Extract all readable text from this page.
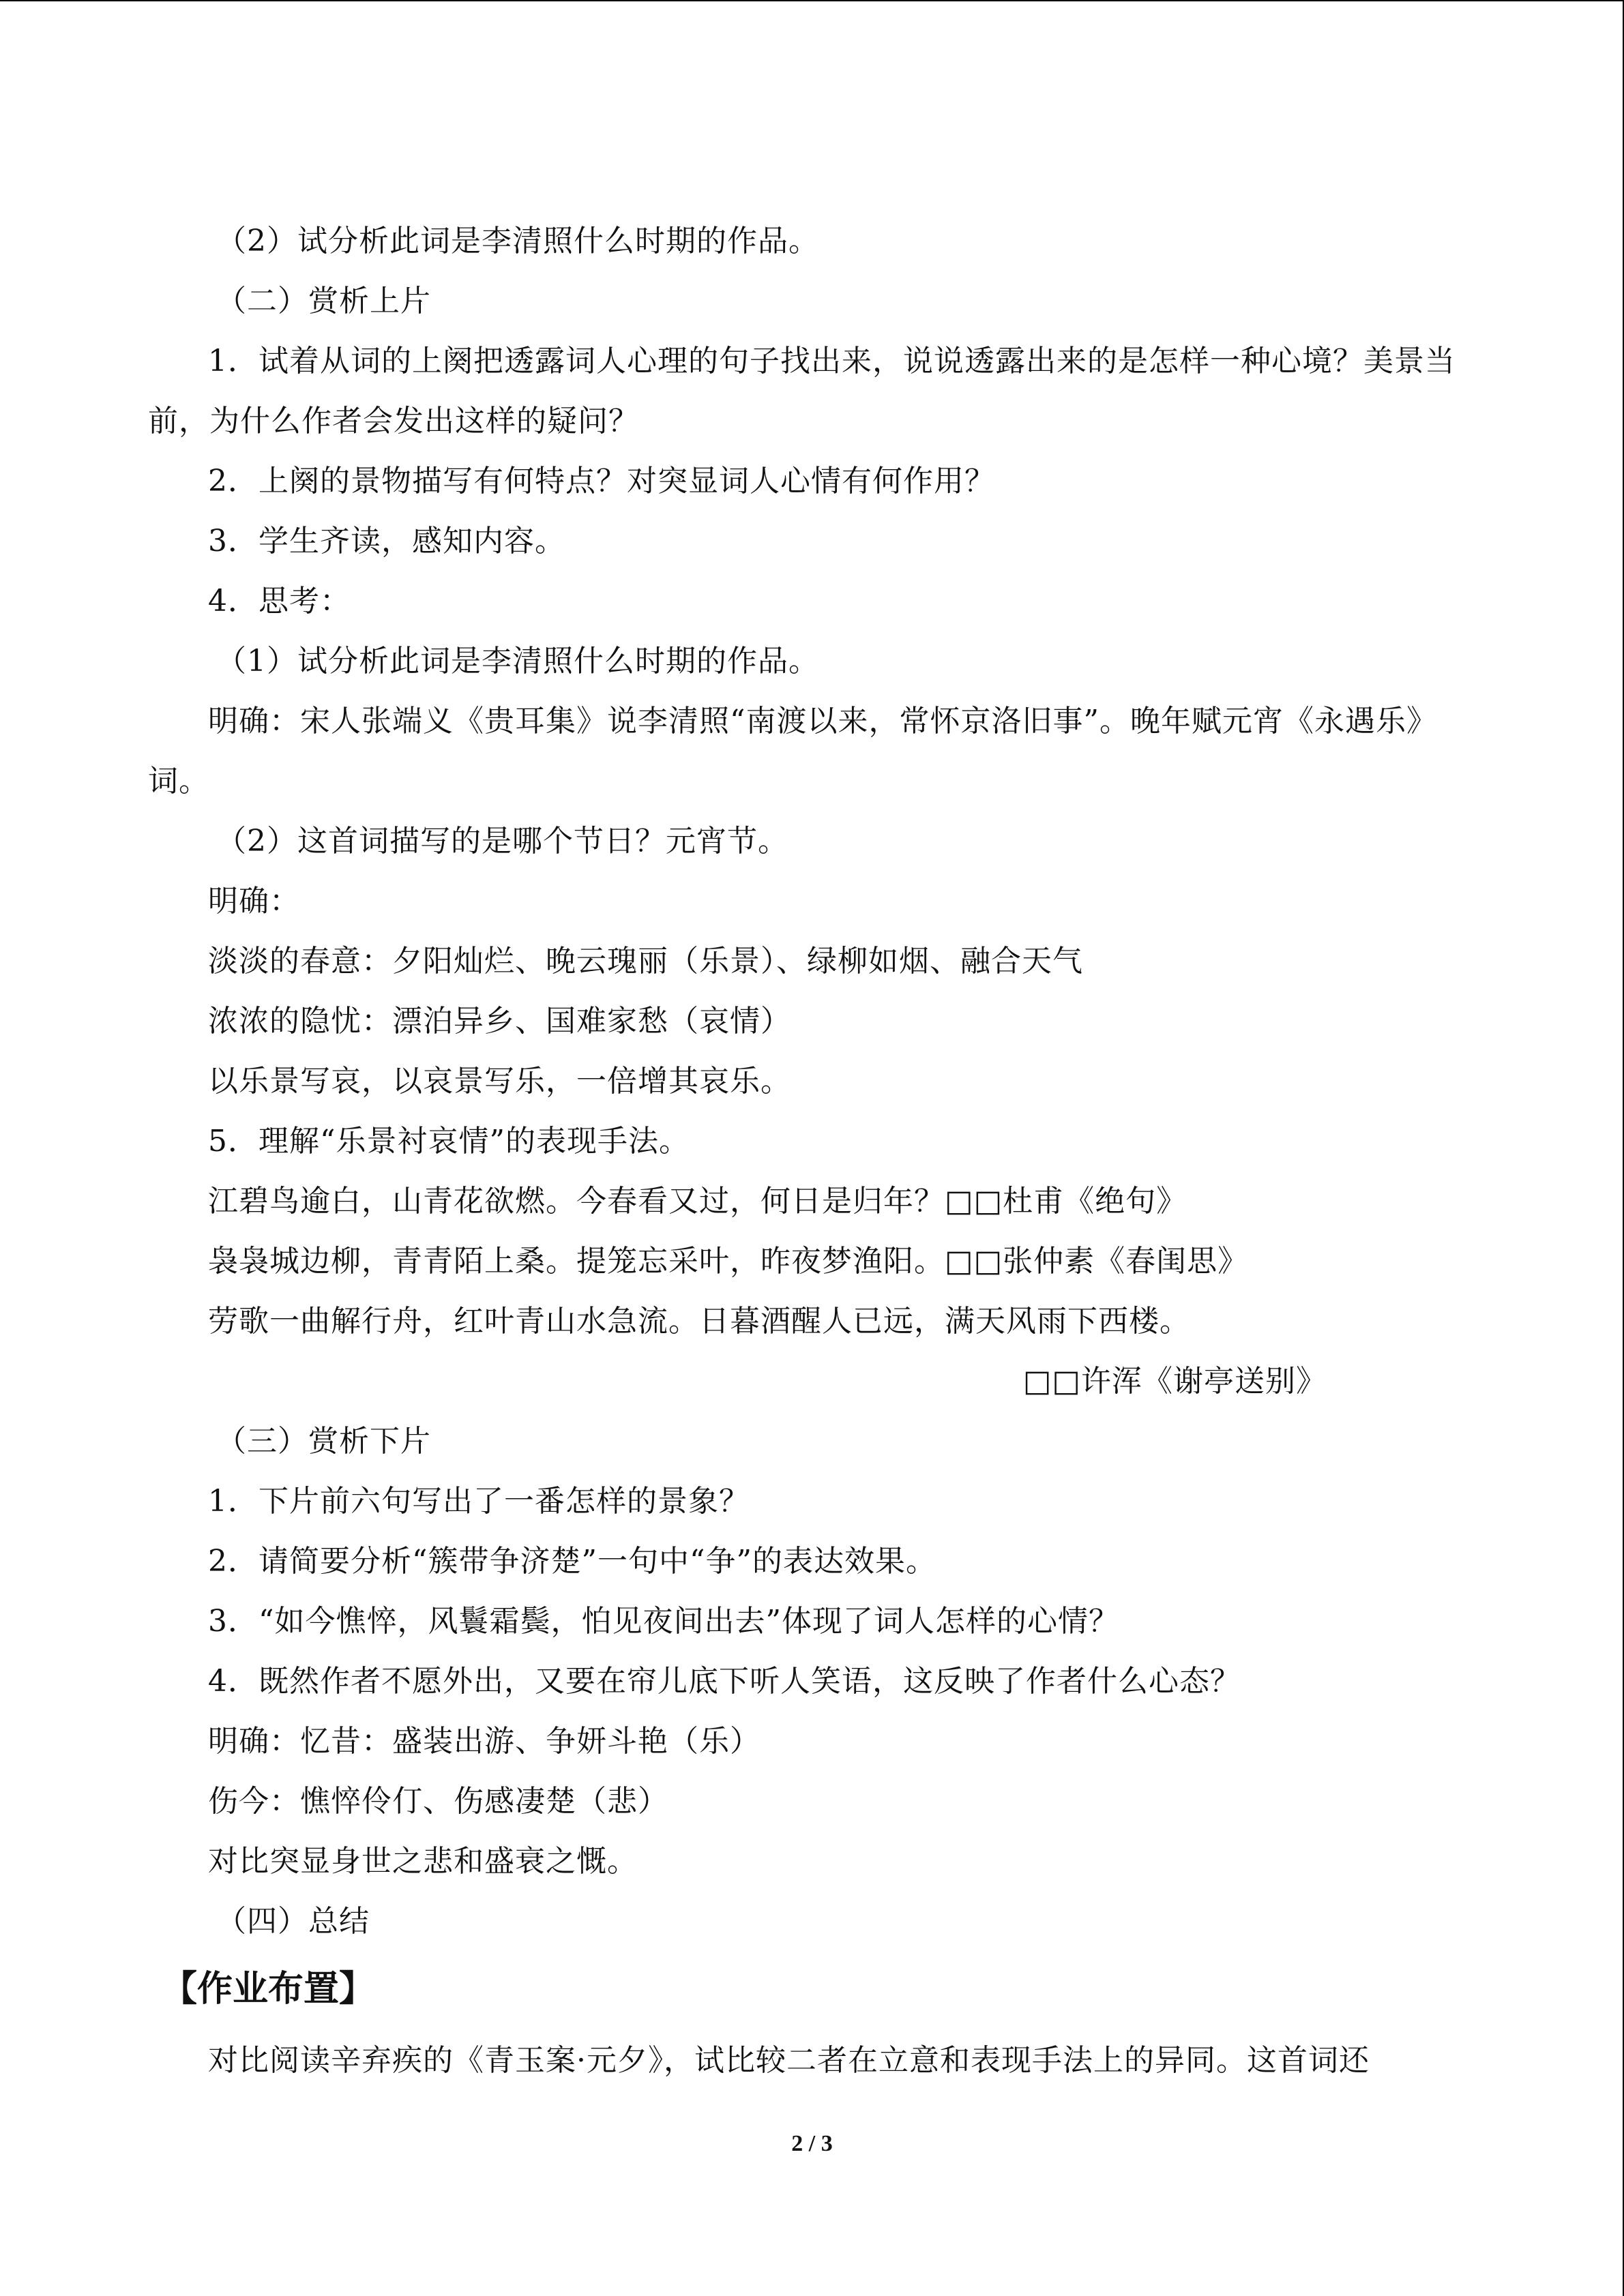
（2）试分析此词是李清照什么时期的作品。
（二）赏析上片
1．试着从词的上阕把透露词人心理的句子找出来，说说透露出来的是怎样一种心境？美景当前，为什么作者会发出这样的疑问？
2．上阕的景物描写有何特点？对突显词人心情有何作用？
3．学生齐读，感知内容。
4．思考：
（1）试分析此词是李清照什么时期的作品。
明确：宋人张端义《贵耳集》说李清照“南渡以来，常怀京洛旧事”。晚年赋元宵《永遇乐》词。
（2）这首词描写的是哪个节日？元宵节。
明确：
淡淡的春意：夕阳灿烂、晚云瑰丽（乐景）、绿柳如烟、融合天气
浓浓的隐忧：漂泊异乡、国难家愁（哀情）
以乐景写哀，以哀景写乐，一倍增其哀乐。
5．理解“乐景衬哀情”的表现手法。
江碧鸟逾白，山青花欲燃。今春看又过，何日是归年？□□杜甫《绝句》
袅袅城边柳，青青陌上桑。提笼忘采叶，昨夜梦渔阳。□□张仲素《春闺思》
劳歌一曲解行舟，红叶青山水急流。日暮酒醒人已远，满天风雨下西楼。
□□许浑《谢亭送别》
（三）赏析下片
1．下片前六句写出了一番怎样的景象？
2．请简要分析“簇带争济楚”一句中“争”的表达效果。
3．“如今憔悴，风鬟霜鬓，怕见夜间出去”体现了词人怎样的心情？
4．既然作者不愿外出，又要在帘儿底下听人笑语，这反映了作者什么心态？
明确：忆昔：盛装出游、争妍斗艳（乐）
伤今：憔悴伶仃、伤感凄楚（悲）
对比突显身世之悲和盛衰之慨。
（四）总结
【作业布置】
对比阅读辛弃疾的《青玉案·元夕》，试比较二者在立意和表现手法上的异同。这首词还
2 / 3
